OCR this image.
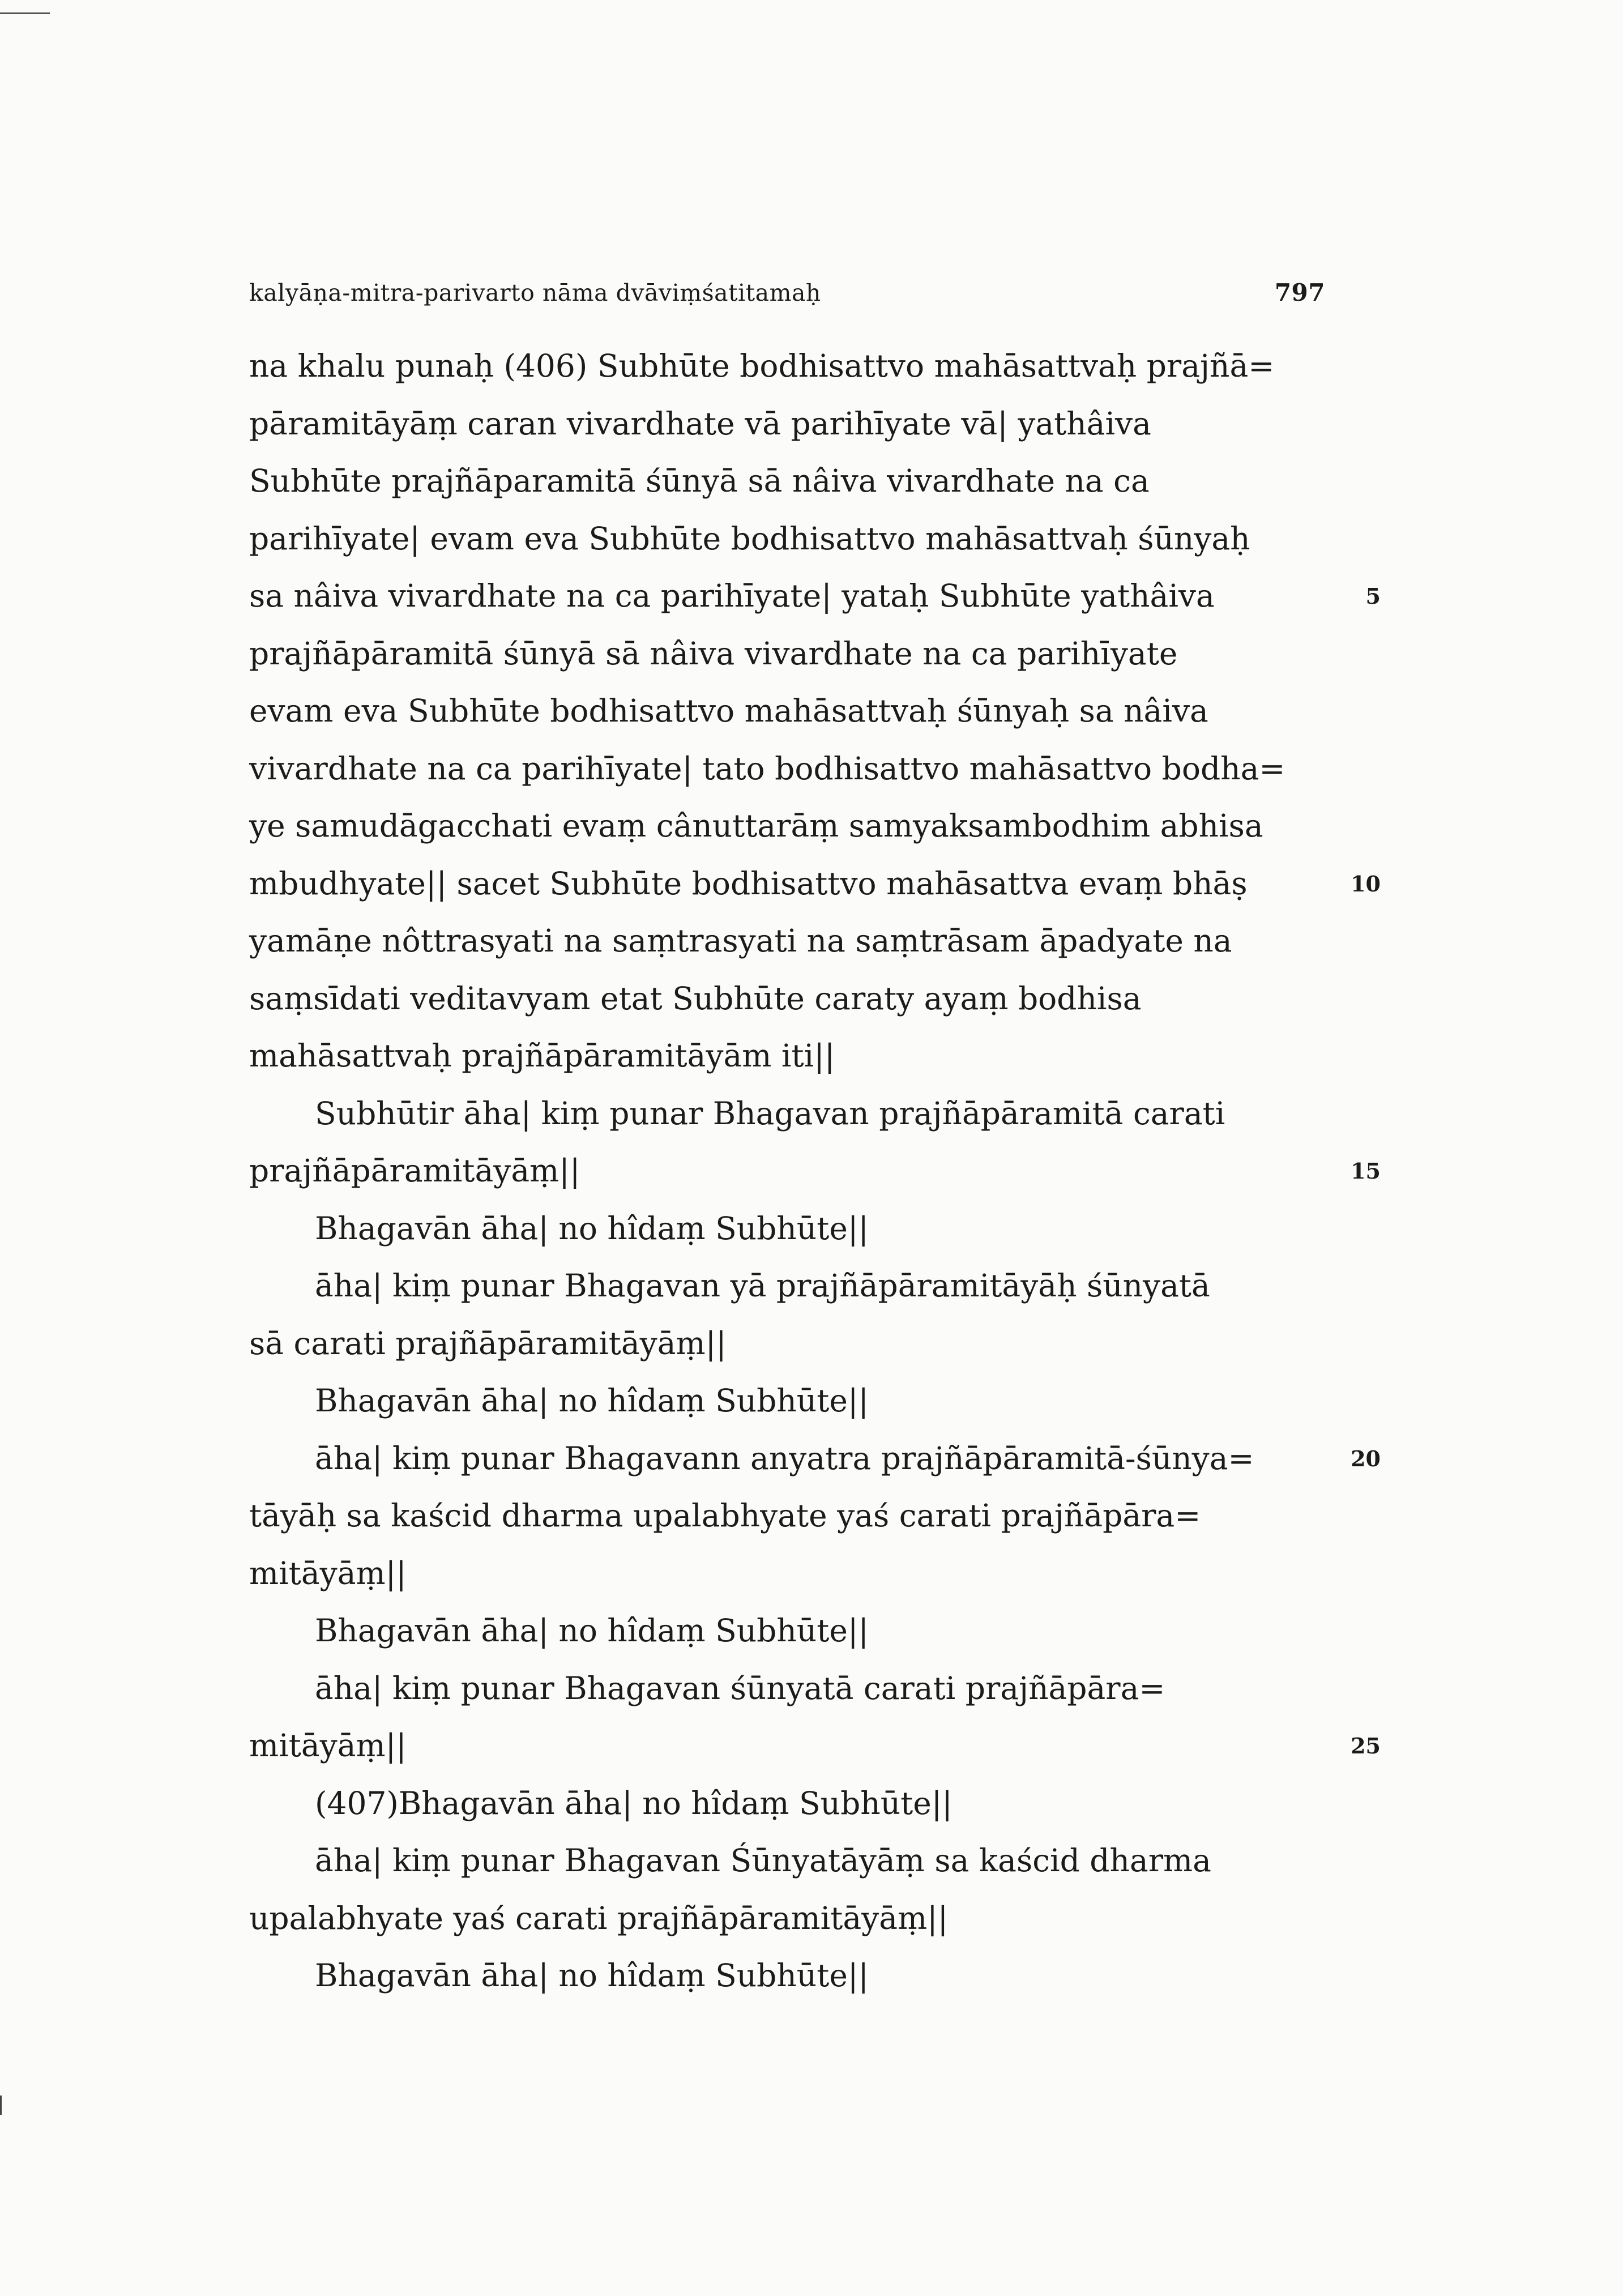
kalyāṇa-mitra-parivarto nāma dvāviṃśatitamaḥ	797
na khalu punaḥ (406) Subhūte bodhisattvo mahāsattvaḥ prajñā=
pāramitāyāṃ caran vivardhate vā parihīyate vā| yathâiva
Subhūte prajñāparamitā śūnyā sā nâiva vivardhate na ca
parihīyate| evam eva Subhūte bodhisattvo mahāsattvaḥ śūnyaḥ
sa nâiva vivardhate na ca parihīyate| yataḥ Subhūte yathâiva	5
prajñāpāramitā śūnyā sā nâiva vivardhate na ca parihīyate
evam eva Subhūte bodhisattvo mahāsattvaḥ śūnyaḥ sa nâiva
vivardhate na ca parihīyate| tato bodhisattvo mahāsattvo bodha=
ye samudāgacchati evaṃ cânuttarāṃ samyaksambodhim abhisa
mbudhyate|| sacet Subhūte bodhisattvo mahāsattva evaṃ bhāṣ	10
yamāṇe nôttrasyati na saṃtrasyati na saṃtrāsam āpadyate na
saṃsīdati veditavyam etat Subhūte caraty ayaṃ bodhisa
mahāsattvaḥ prajñāpāramitāyām iti||
Subhūtir āha| kiṃ punar Bhagavan prajñāpāramitā carati
prajñāpāramitāyāṃ||	15
Bhagavān āha| no hîdaṃ Subhūte||
āha| kiṃ punar Bhagavan yā prajñāpāramitāyāḥ śūnyatā
sā carati prajñāpāramitāyāṃ||
Bhagavān āha| no hîdaṃ Subhūte||
āha| kiṃ punar Bhagavann anyatra prajñāpāramitā-śūnya=	20
tāyāḥ sa kaścid dharma upalabhyate yaś carati prajñāpāra=
mitāyāṃ||
Bhagavān āha| no hîdaṃ Subhūte||
āha| kiṃ punar Bhagavan śūnyatā carati prajñāpāra=
mitāyāṃ||	25
(407)Bhagavān āha| no hîdaṃ Subhūte||
āha| kiṃ punar Bhagavan Śūnyatāyāṃ sa kaścid dharma
upalabhyate yaś carati prajñāpāramitāyāṃ||
Bhagavān āha| no hîdaṃ Subhūte||
